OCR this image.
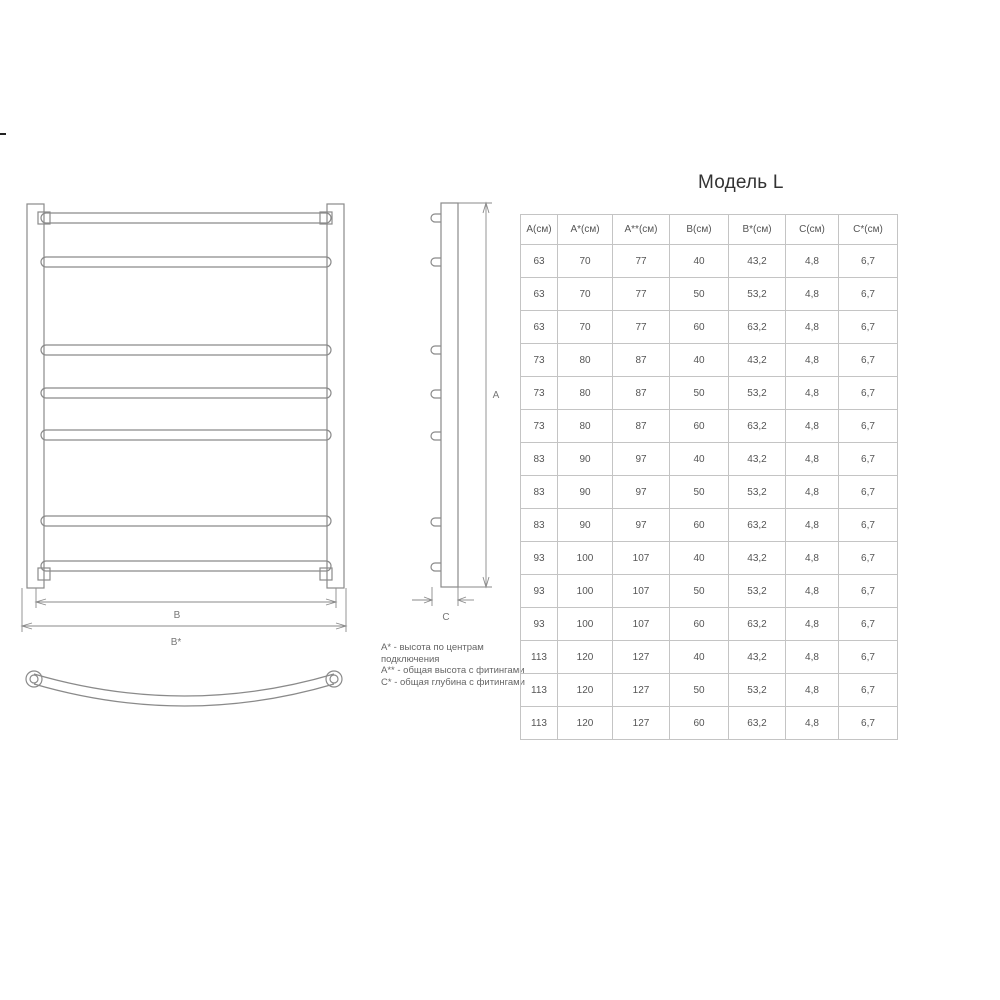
B
B*
A
C
Модель L

A* - высота по центрам подключения

A** - общая высота с фитингами

C* - общая глубина с фитингами

A(см)	A*(см)	A**(см)	B(см)	B*(см)	C(см)	C*(см)
63	70	77	40	43,2	4,8	6,7
63	70	77	50	53,2	4,8	6,7
63	70	77	60	63,2	4,8	6,7
73	80	87	40	43,2	4,8	6,7
73	80	87	50	53,2	4,8	6,7
73	80	87	60	63,2	4,8	6,7
83	90	97	40	43,2	4,8	6,7
83	90	97	50	53,2	4,8	6,7
83	90	97	60	63,2	4,8	6,7
93	100	107	40	43,2	4,8	6,7
93	100	107	50	53,2	4,8	6,7
93	100	107	60	63,2	4,8	6,7
113	120	127	40	43,2	4,8	6,7
113	120	127	50	53,2	4,8	6,7
113	120	127	60	63,2	4,8	6,7
